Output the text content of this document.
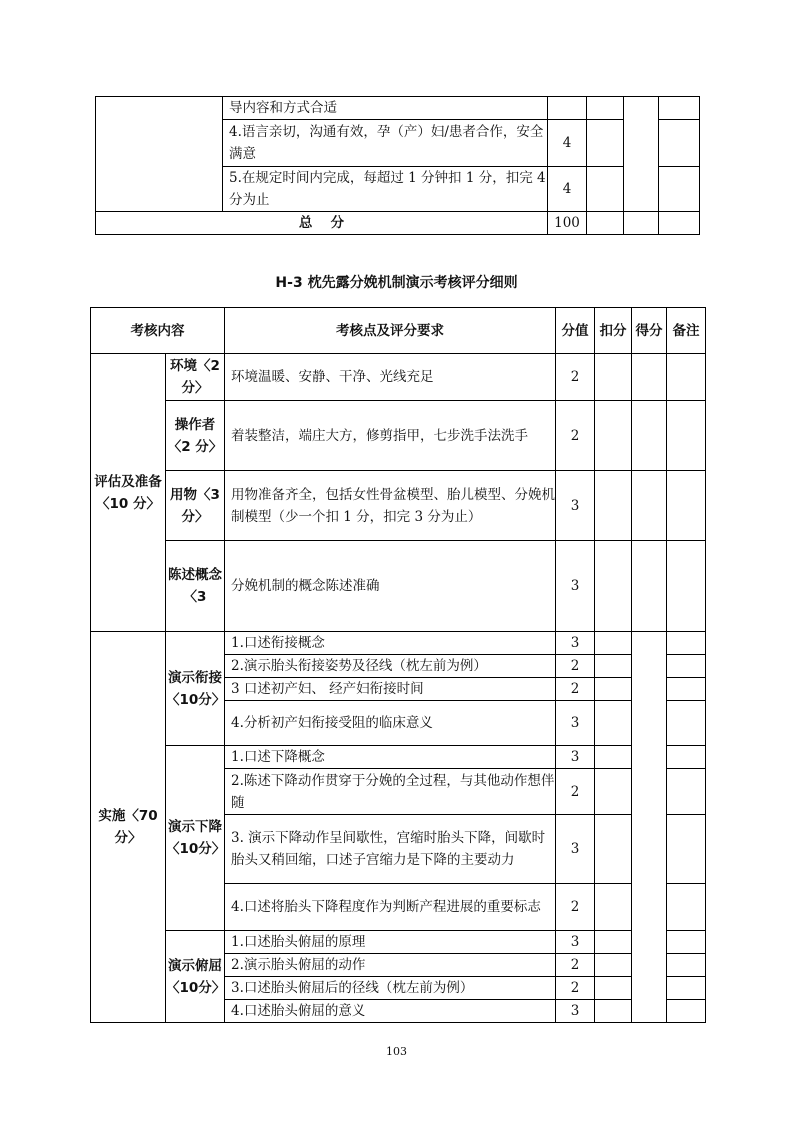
	导内容和方式合适				
	4.语言亲切，沟通有效，孕（产）妇/患者合作，安全满意	4			
	5.在规定时间内完成，每超过 1 分钟扣 1 分，扣完 4 分为止	4			
总　 分		100			
H-3 枕先露分娩机制演示考核评分细则
考核内容		考核点及评分要求	分值	扣分	得分	备注
评估及准备〈10 分〉	环境〈2 分〉	环境温暖、安静、干净、光线充足	2			
	操作者〈2 分〉	着装整洁，端庄大方，修剪指甲，七步洗手法洗手	2			
	用物〈3 分〉	用物准备齐全，包括女性骨盆模型、胎儿模型、分娩机制模型（少一个扣 1 分，扣完 3 分为止）	3			
	陈述概念〈3	分娩机制的概念陈述准确	3			
实施〈70 分〉	演示衔接〈10分〉	1.口述衔接概念	3			
		2.演示胎头衔接姿势及径线（枕左前为例）	2			
		3 口述初产妇、 经产妇衔接时间	2			
		4.分析初产妇衔接受阻的临床意义	3			
	演示下降〈10分〉	1.口述下降概念	3			
		2.陈述下降动作贯穿于分娩的全过程，与其他动作想伴随	2			
		3. 演示下降动作呈间歇性，宫缩时胎头下降，间歇时胎头又稍回缩，口述子宫缩力是下降的主要动力	3			
		4.口述将胎头下降程度作为判断产程进展的重要标志	2			
	演示俯屈〈10分〉	1.口述胎头俯屈的原理	3			
		2.演示胎头俯屈的动作	2			
		3.口述胎头俯屈后的径线（枕左前为例）	2			
		4.口述胎头俯屈的意义	3			
103
